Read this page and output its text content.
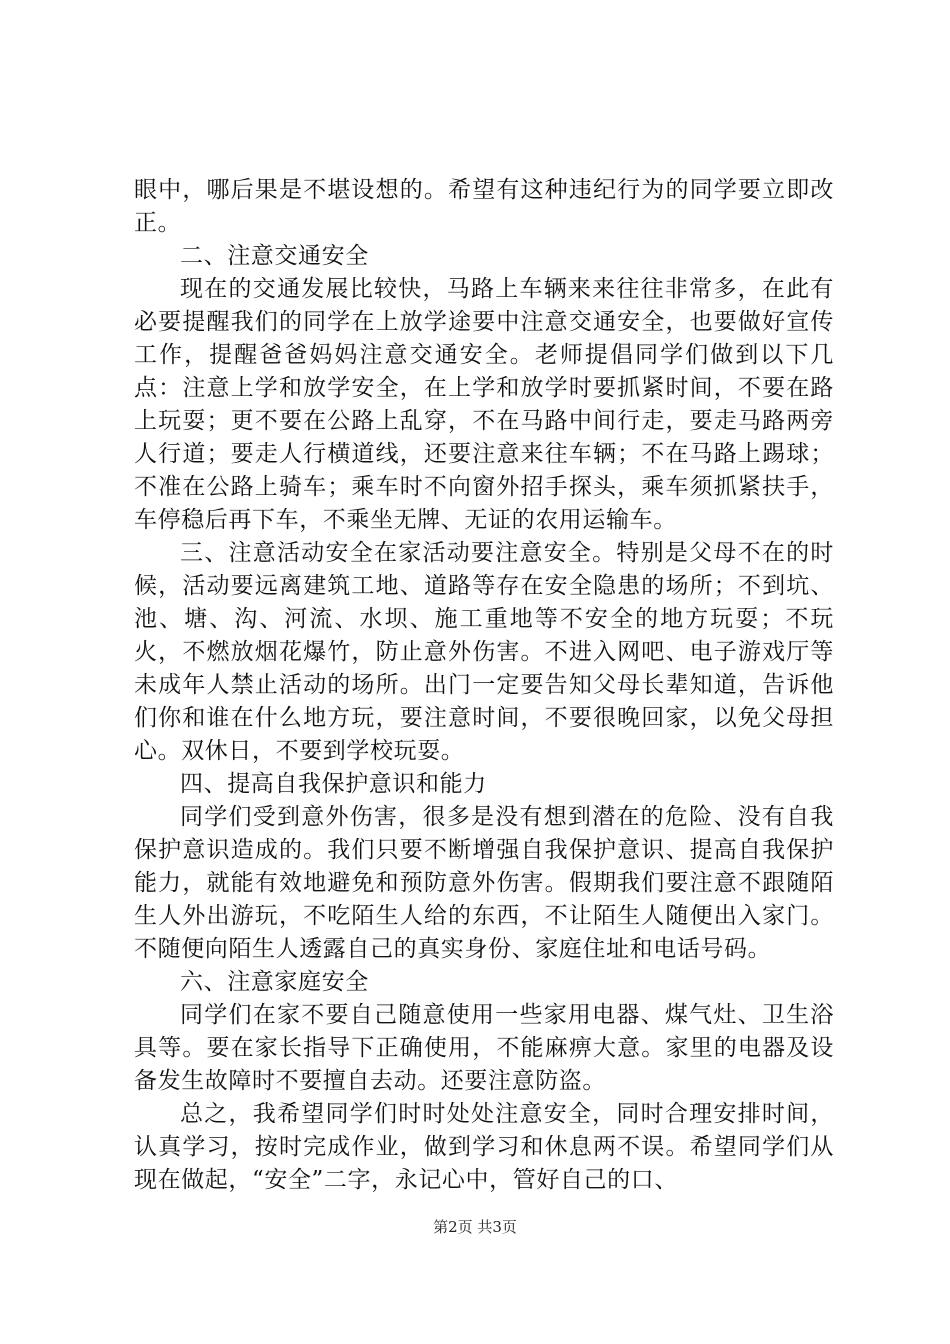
眼中，哪后果是不堪设想的。希望有这种违纪行为的同学要立即改正。

二、注意交通安全

现在的交通发展比较快，马路上车辆来来往往非常多，在此有必要提醒我们的同学在上放学途要中注意交通安全，也要做好宣传工作，提醒爸爸妈妈注意交通安全。老师提倡同学们做到以下几点：注意上学和放学安全，在上学和放学时要抓紧时间，不要在路上玩耍；更不要在公路上乱穿，不在马路中间行走，要走马路两旁人行道；要走人行横道线，还要注意来往车辆；不在马路上踢球；不准在公路上骑车；乘车时不向窗外招手探头，乘车须抓紧扶手，车停稳后再下车，不乘坐无牌、无证的农用运输车。

三、注意活动安全在家活动要注意安全。特别是父母不在的时候，活动要远离建筑工地、道路等存在安全隐患的场所；不到坑、池、塘、沟、河流、水坝、施工重地等不安全的地方玩耍；不玩火，不燃放烟花爆竹，防止意外伤害。不进入网吧、电子游戏厅等未成年人禁止活动的场所。出门一定要告知父母长辈知道，告诉他们你和谁在什么地方玩，要注意时间，不要很晚回家，以免父母担心。双休日，不要到学校玩耍。

四、提高自我保护意识和能力

同学们受到意外伤害，很多是没有想到潜在的危险、没有自我保护意识造成的。我们只要不断增强自我保护意识、提高自我保护能力，就能有效地避免和预防意外伤害。假期我们要注意不跟随陌生人外出游玩，不吃陌生人给的东西，不让陌生人随便出入家门。不随便向陌生人透露自己的真实身份、家庭住址和电话号码。

六、注意家庭安全

同学们在家不要自己随意使用一些家用电器、煤气灶、卫生浴具等。要在家长指导下正确使用，不能麻痹大意。家里的电器及设备发生故障时不要擅自去动。还要注意防盗。

总之，我希望同学们时时处处注意安全，同时合理安排时间，认真学习，按时完成作业，做到学习和休息两不误。希望同学们从现在做起，“安全”二字，永记心中，管好自己的口、

第2页 共3页
